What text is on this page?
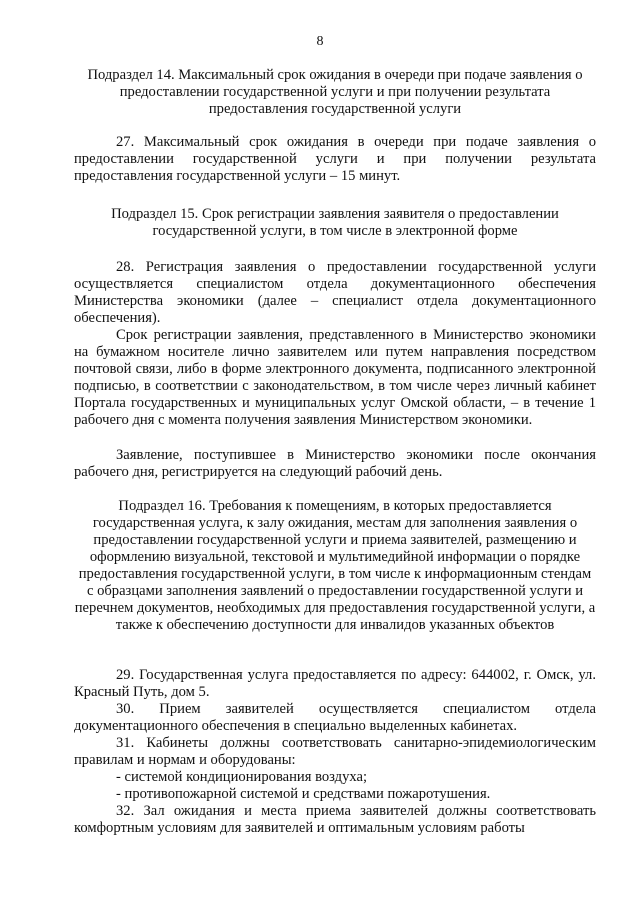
8
Подраздел 14. Максимальный срок ожидания в очереди при подаче заявления о предоставлении государственной услуги и при получении результата предоставления государственной услуги
27. Максимальный срок ожидания в очереди при подаче заявления о предоставлении государственной услуги и при получении результата предоставления государственной услуги – 15 минут.
Подраздел 15. Срок регистрации заявления заявителя о предоставлении государственной услуги, в том числе в электронной форме
28. Регистрация заявления о предоставлении государственной услуги осуществляется специалистом отдела документационного обеспечения Министерства экономики (далее – специалист отдела документационного обеспечения).
Срок регистрации заявления, представленного в Министерство экономики на бумажном носителе лично заявителем или путем направления посредством почтовой связи, либо в форме электронного документа, подписанного электронной подписью, в соответствии с законодательством, в том числе через личный кабинет Портала государственных и муниципальных услуг Омской области, – в течение 1 рабочего дня с момента получения заявления Министерством экономики.
Заявление, поступившее в Министерство экономики после окончания рабочего дня, регистрируется на следующий рабочий день.
Подраздел 16. Требования к помещениям, в которых предоставляется государственная услуга, к залу ожидания, местам для заполнения заявления о предоставлении государственной услуги и приема заявителей, размещению и оформлению визуальной, текстовой и мультимедийной информации о порядке предоставления государственной услуги, в том числе к информационным стендам с образцами заполнения заявлений о предоставлении государственной услуги и перечнем документов, необходимых для предоставления государственной услуги, а также к обеспечению доступности для инвалидов указанных объектов
29. Государственная услуга предоставляется по адресу: 644002, г. Омск, ул. Красный Путь, дом 5.
30. Прием заявителей осуществляется специалистом отдела документационного обеспечения в специально выделенных кабинетах.
31. Кабинеты должны соответствовать санитарно-эпидемиологическим правилам и нормам и оборудованы:
- системой кондиционирования воздуха;
- противопожарной системой и средствами пожаротушения.
32. Зал ожидания и места приема заявителей должны соответствовать комфортным условиям для заявителей и оптимальным условиям работы
